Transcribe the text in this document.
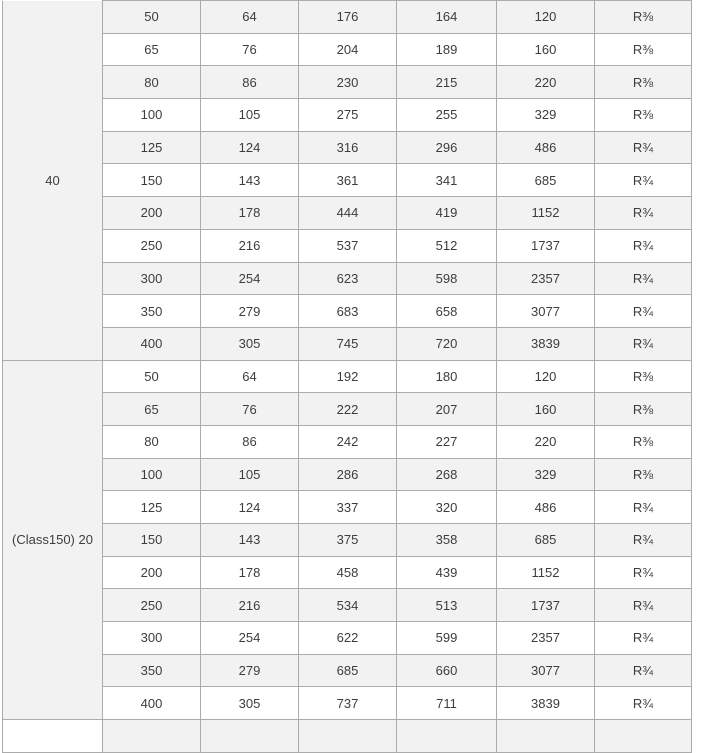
40	50	64	176	164	120	R⅜
	65	76	204	189	160	R⅜
	80	86	230	215	220	R⅜
	100	105	275	255	329	R⅜
	125	124	316	296	486	R¾
	150	143	361	341	685	R¾
	200	178	444	419	1152	R¾
	250	216	537	512	1737	R¾
	300	254	623	598	2357	R¾
	350	279	683	658	3077	R¾
	400	305	745	720	3839	R¾
(Class150) 20	50	64	192	180	120	R⅜
	65	76	222	207	160	R⅜
	80	86	242	227	220	R⅜
	100	105	286	268	329	R⅜
	125	124	337	320	486	R¾
	150	143	375	358	685	R¾
	200	178	458	439	1152	R¾
	250	216	534	513	1737	R¾
	300	254	622	599	2357	R¾
	350	279	685	660	3077	R¾
	400	305	737	711	3839	R¾
